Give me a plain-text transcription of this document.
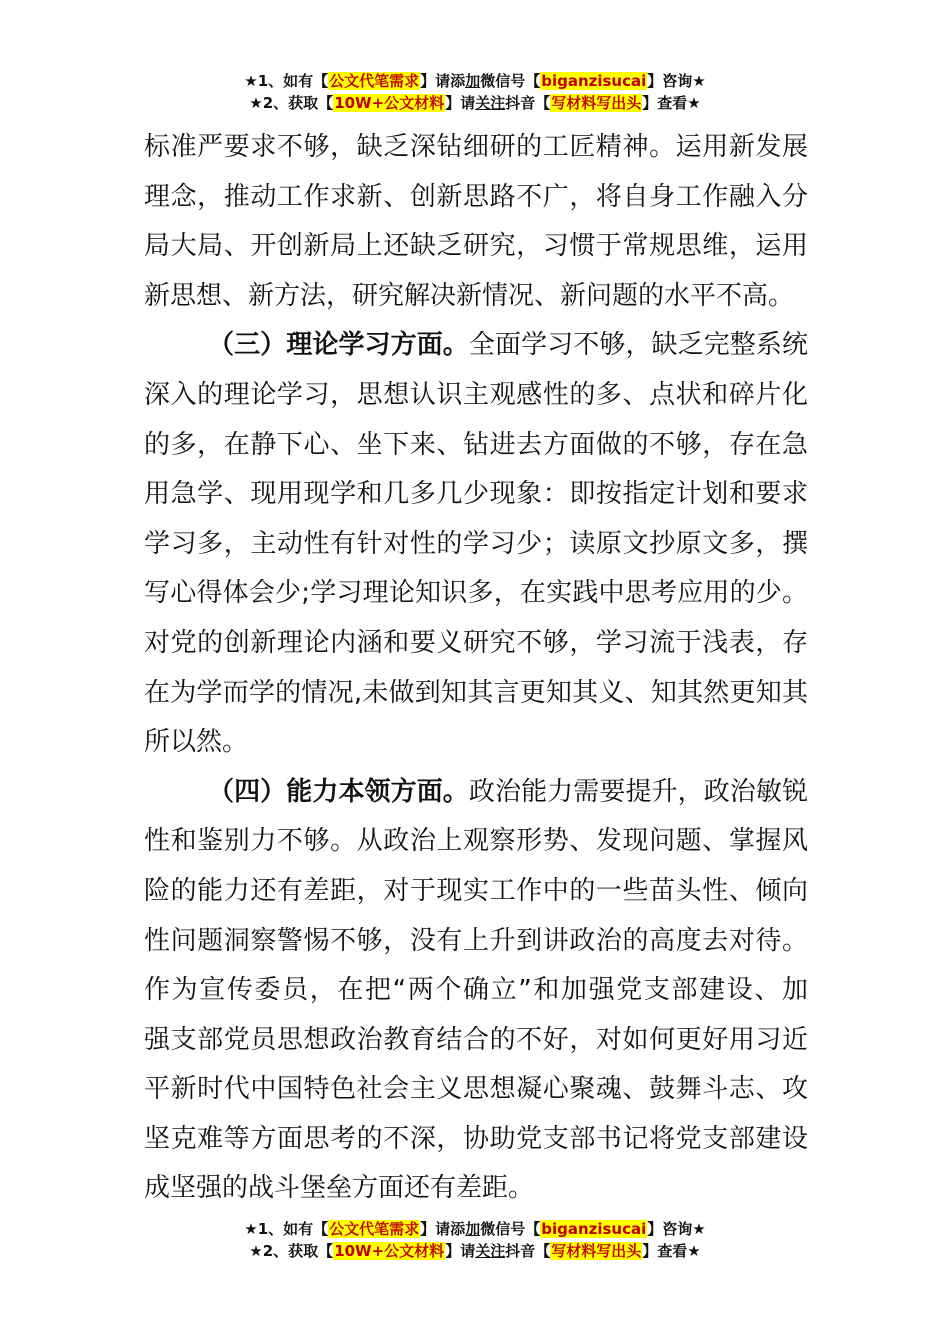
★1、如有【公文代笔需求】请添加微信号【biganzisucai】咨询★
★2、获取【10W+公文材料】请关注抖音【写材料写出头】查看★
标准严要求不够，缺乏深钻细研的工匠精神。运用新发展
理念，推动工作求新、创新思路不广，将自身工作融入分
局大局、开创新局上还缺乏研究，习惯于常规思维，运用
新思想、新方法，研究解决新情况、新问题的水平不高。
（三）理论学习方面。全面学习不够，缺乏完整系统
深入的理论学习，思想认识主观感性的多、点状和碎片化
的多，在静下心、坐下来、钻进去方面做的不够，存在急
用急学、现用现学和几多几少现象：即按指定计划和要求
学习多，主动性有针对性的学习少；读原文抄原文多，撰
写心得体会少;学习理论知识多，在实践中思考应用的少。
对党的创新理论内涵和要义研究不够，学习流于浅表，存
在为学而学的情况,未做到知其言更知其义、知其然更知其
所以然。
（四）能力本领方面。政治能力需要提升，政治敏锐
性和鉴别力不够。从政治上观察形势、发现问题、掌握风
险的能力还有差距，对于现实工作中的一些苗头性、倾向
性问题洞察警惕不够，没有上升到讲政治的高度去对待。
作为宣传委员，在把“两个确立”和加强党支部建设、加
强支部党员思想政治教育结合的不好，对如何更好用习近
平新时代中国特色社会主义思想凝心聚魂、鼓舞斗志、攻
坚克难等方面思考的不深，协助党支部书记将党支部建设
成坚强的战斗堡垒方面还有差距。
★1、如有【公文代笔需求】请添加微信号【biganzisucai】咨询★
★2、获取【10W+公文材料】请关注抖音【写材料写出头】查看★
